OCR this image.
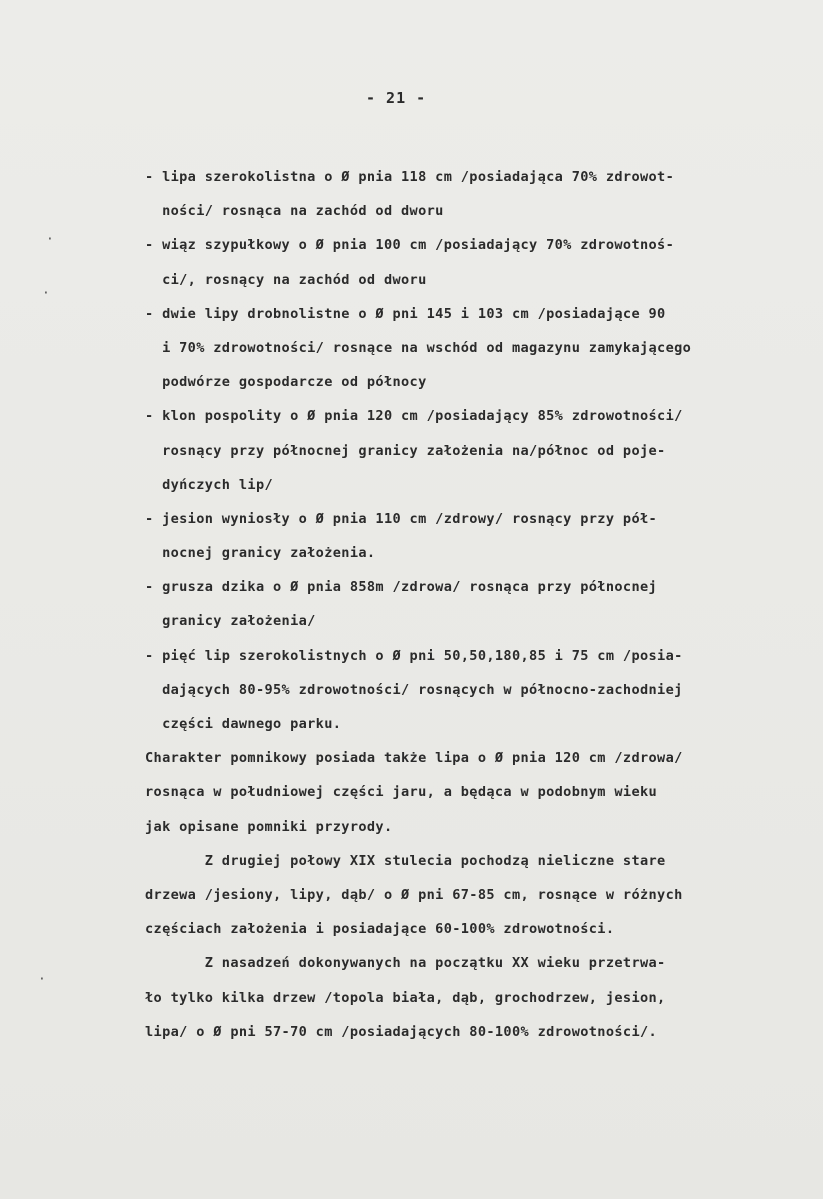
- 21 -
·
·
·
- lipa szerokolistna o Ø pnia 118 cm /posiadająca 70% zdrowot-
ności/ rosnąca na zachód od dworu
- wiąz szypułkowy o Ø pnia 100 cm /posiadający 70% zdrowotnoś-
ci/, rosnący na zachód od dworu
- dwie lipy drobnolistne o Ø pni 145 i 103 cm /posiadające 90
i 70% zdrowotności/ rosnące na wschód od magazynu zamykającego
podwórze gospodarcze od północy
- klon pospolity o Ø pnia 120 cm /posiadający 85% zdrowotności/
rosnący przy północnej granicy założenia na/północ od poje-
dyńczych lip/
- jesion wyniosły o Ø pnia 110 cm /zdrowy/ rosnący przy pół-
nocnej granicy założenia.
- grusza dzika o Ø pnia 858m /zdrowa/ rosnąca przy północnej
granicy założenia/
- pięć lip szerokolistnych o Ø pni 50,50,180,85 i 75 cm /posia-
dających 80-95% zdrowotności/ rosnących w północno-zachodniej
części dawnego parku.
Charakter pomnikowy posiada także lipa o Ø pnia 120 cm /zdrowa/
rosnąca w południowej części jaru, a będąca w podobnym wieku
jak opisane pomniki przyrody.
Z drugiej połowy XIX stulecia pochodzą nieliczne stare
drzewa /jesiony, lipy, dąb/ o Ø pni 67-85 cm, rosnące w różnych
częściach założenia i posiadające 60-100% zdrowotności.
Z nasadzeń dokonywanych na początku XX wieku przetrwa-
ło tylko kilka drzew /topola biała, dąb, grochodrzew, jesion,
lipa/ o Ø pni 57-70 cm /posiadających 80-100% zdrowotności/.
